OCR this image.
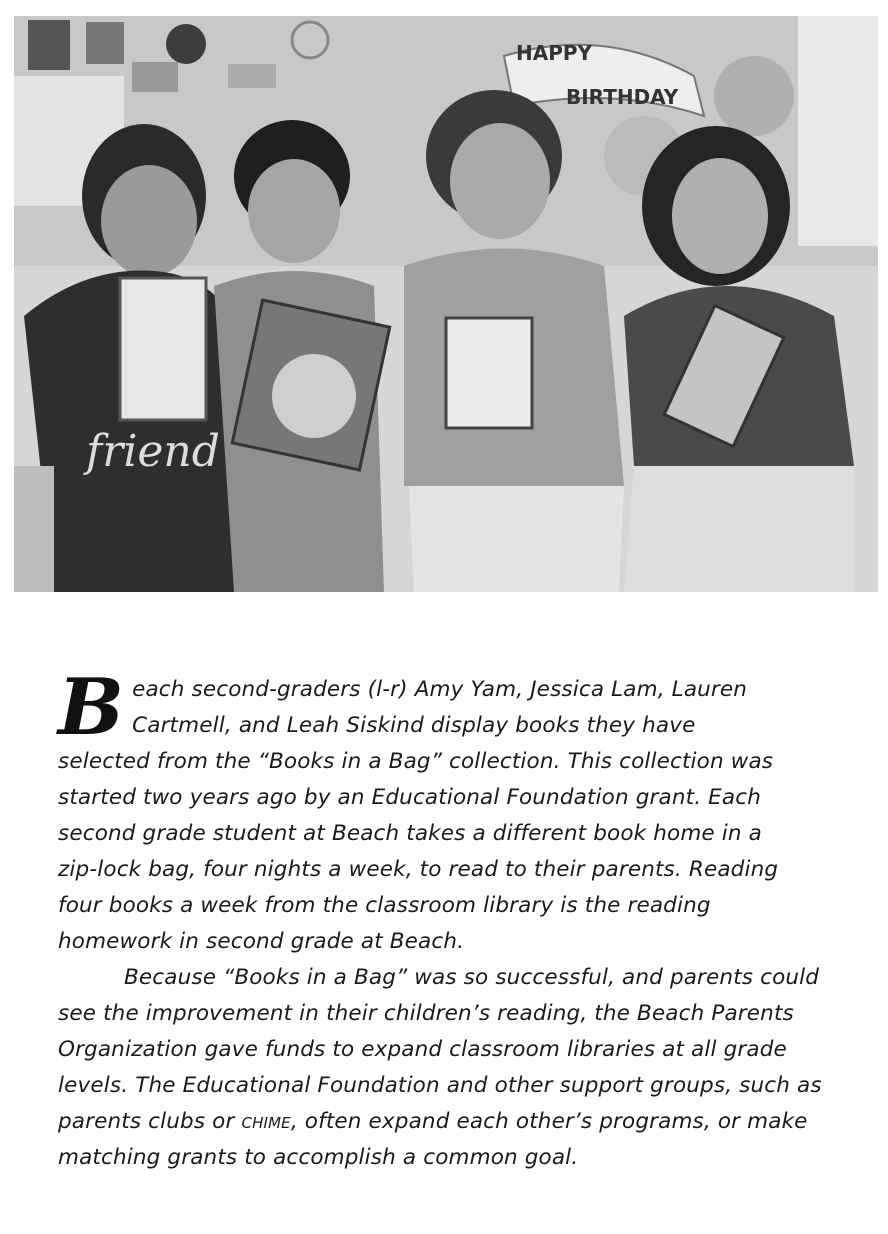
HAPPY
BIRTHDAY
friend

B each second-graders (l-r) Amy Yam, Jessica Lam, Lauren
Cartmell, and Leah Siskind display books they have
selected from the “Books in a Bag” collection. This collection was
started two years ago by an Educational Foundation grant. Each
second grade student at Beach takes a different book home in a
zip-lock bag, four nights a week, to read to their parents. Reading
four books a week from the classroom library is the reading
homework in second grade at Beach.

Because “Books in a Bag” was so successful, and parents could see the improvement in their children’s reading, the Beach Parents Organization gave funds to expand classroom libraries at all grade levels. The Educational Foundation and other support groups, such as parents clubs or chime, often expand each other’s programs, or make matching grants to accomplish a common goal.
